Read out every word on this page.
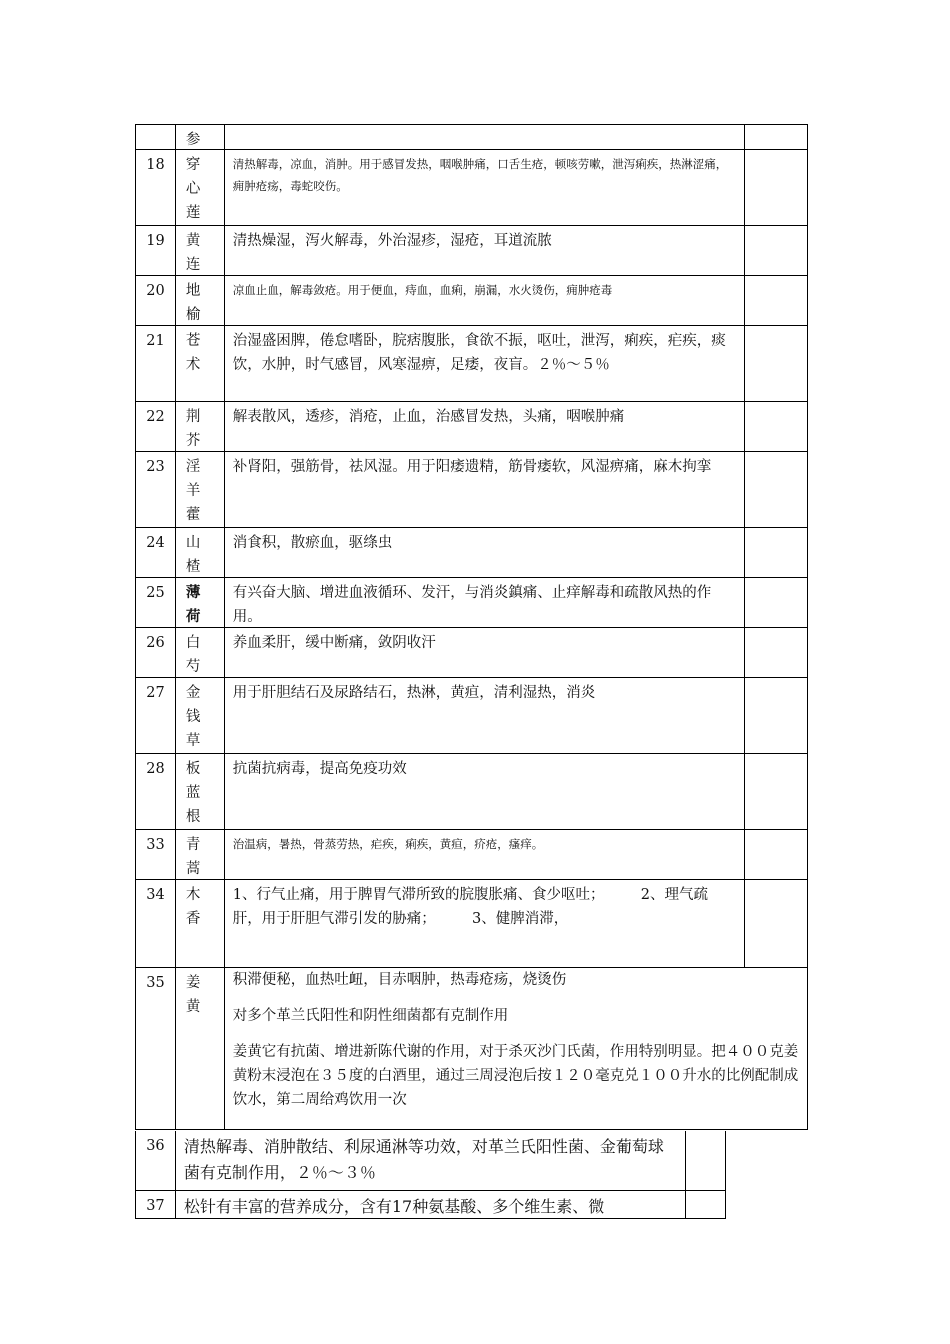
参
18	穿
心
莲
清热解毒，凉血，消肿。用于感冒发热，咽喉肿痛，口舌生疮，顿咳劳嗽，泄泻痢疾，热淋涩痛，痈肿疮疡，毒蛇咬伤。
19	黄
连
清热燥湿，泻火解毒，外治湿疹，湿疮，耳道流脓
20	地
榆
凉血止血，解毒敛疮。用于便血，痔血，血痢，崩漏，水火烫伤，痈肿疮毒
21	苍
术
治湿盛困脾，倦怠嗜卧，脘痞腹胀，食欲不振，呕吐，泄泻，痢疾，疟疾，痰饮，水肿，时气感冒，风寒湿痹，足痿，夜盲。２％～５％
22	荆
芥
解表散风，透疹，消疮，止血，治感冒发热，头痛，咽喉肿痛
23	淫
羊
藿
补肾阳，强筋骨，祛风湿。用于阳痿遗精，筋骨痿软，风湿痹痛，麻木拘挛
24	山
楂
消食积，散瘀血，驱绦虫
25	薄
荷
有兴奋大脑、增进血液循环、发汗，与消炎鎮痛、止痒解毒和疏散风热的作用。
26	白
芍
养血柔肝，缓中断痛，敛阴收汗
27	金
钱
草
用于肝胆结石及尿路结石，热淋，黄疸，清利湿热，消炎
28	板
蓝
根
抗菌抗病毒，提高免疫功效
33	青
蒿
治温病，暑热，骨蒸劳热，疟疾，痢疾，黄疸，疥疮，瘙痒。
34	木
香
1、行气止痛，用于脾胃气滞所致的脘腹胀痛、食少呕吐；　　　2、理气疏肝，用于肝胆气滞引发的胁痛；　　　3、健脾消滞，
35	姜
黄

积滞便秘，血热吐衄，目赤咽肿，热毒疮疡，烧烫伤

对多个革兰氏阳性和阴性细菌都有克制作用

姜黄它有抗菌、增进新陈代谢的作用，对于杀灭沙门氏菌，作用特别明显。把４００克姜黄粉末浸泡在３５度的白酒里，通过三周浸泡后按１２０毫克兑１００升水的比例配制成饮水，第二周给鸡饮用一次

36	清热解毒、消肿散结、利尿通淋等功效，对革兰氏阳性菌、金葡萄球菌有克制作用，２％～３％
37	松针有丰富的营养成分，含有17种氨基酸、多个维生素、微
